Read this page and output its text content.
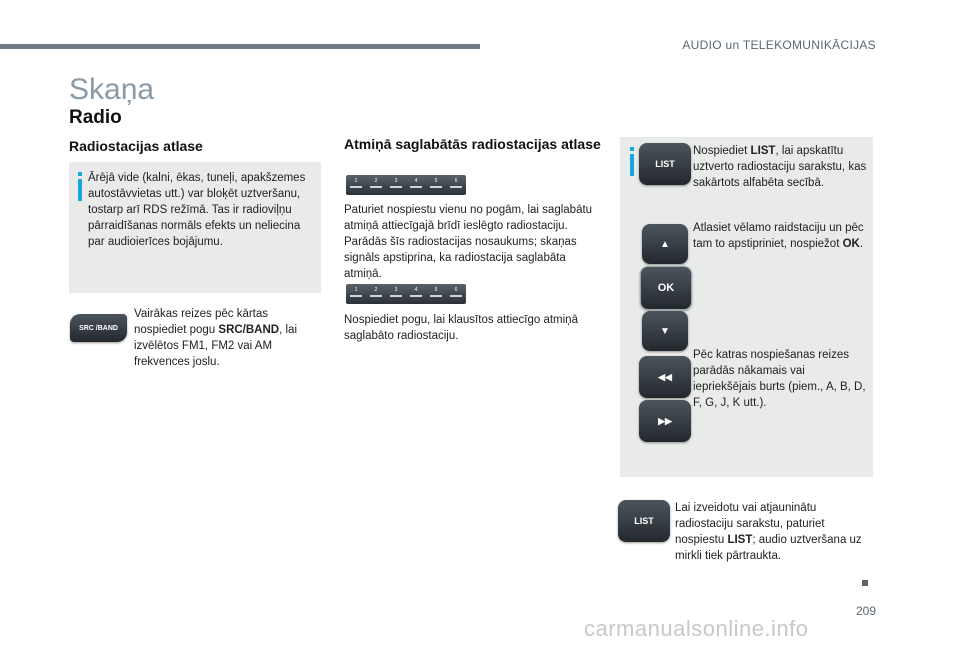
AUDIO un TELEKOMUNIKĀCIJAS
Skaņa
Radio
Radiostacijas atlase
Ārējā vide (kalni, ēkas, tuneļi, apakšzemes autostāvvietas utt.) var bloķēt uztveršanu, tostarp arī RDS režīmā. Tas ir radioviļņu pārraidīšanas normāls efekts un neliecina par audioierīces bojājumu.
SRC /BAND
Vairākas reizes pēc kārtas nospiediet pogu SRC/BAND, lai izvēlētos FM1, FM2 vai AM frekvences joslu.
Atmiņā saglabātās radiostacijas atlase
1	2	3	4	5	6
Paturiet nospiestu vienu no pogām, lai saglabātu atmiņā attiecīgajā brīdī ieslēgto radiostaciju. Parādās šīs radiostacijas nosaukums; skaņas signāls apstiprina, ka radiostacija saglabāta atmiņā.
1	2	3	4	5	6
Nospiediet pogu, lai klausītos attiecīgo atmiņā saglabāto radiostaciju.
LIST
Nospiediet LIST, lai apskatītu uztverto radiostaciju sarakstu, kas sakārtots alfabēta secībā.
▲
OK
▼
Atlasiet vēlamo raidstaciju un pēc tam to apstipriniet, nospiežot OK.
◀◀
▶▶
Pēc katras nospiešanas reizes parādās nākamais vai iepriekšējais burts (piem., A, B, D, F, G, J, K utt.).
LIST
Lai izveidotu vai atjauninātu radiostaciju sarakstu, paturiet nospiestu LIST; audio uztveršana uz mirkli tiek pārtraukta.
209
carmanualsonline.info
